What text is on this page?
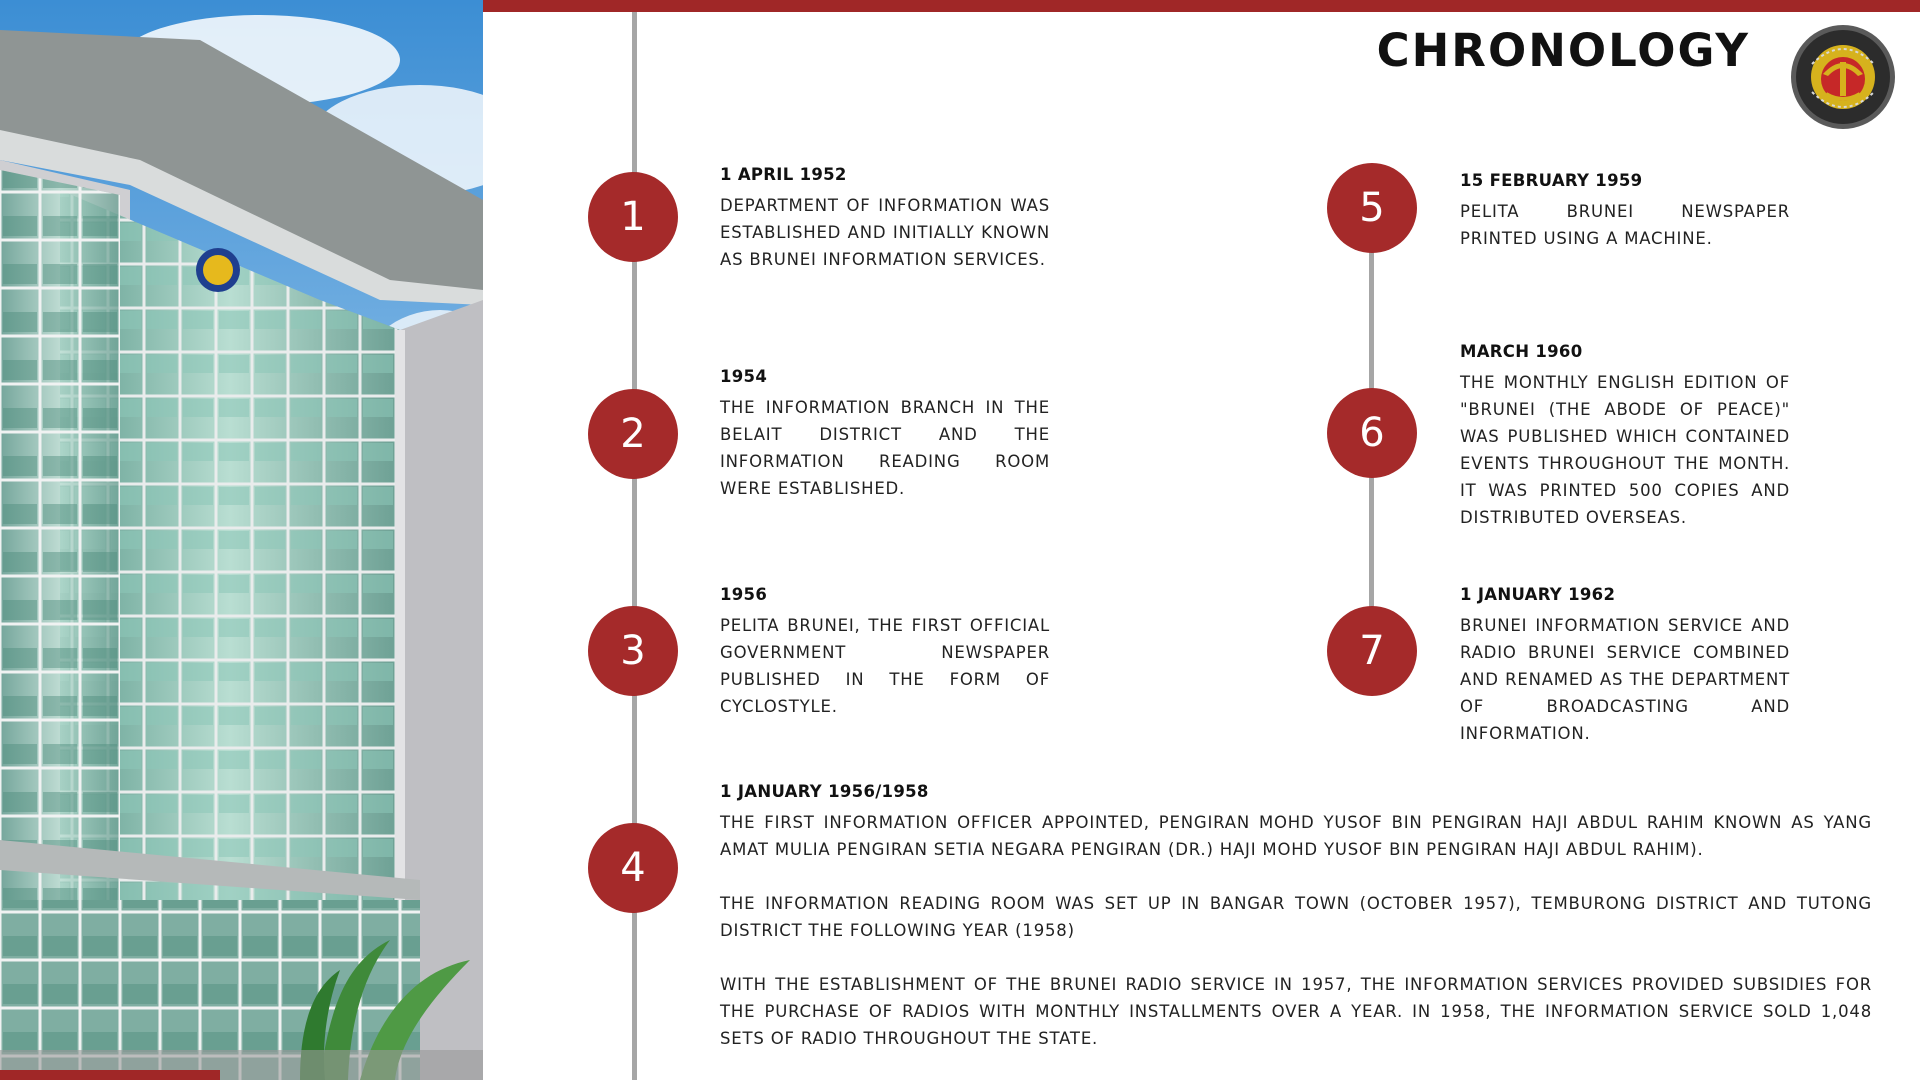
CHRONOLOGY
1
2
3
4
5
6
7
1 APRIL 1952

DEPARTMENT OF INFORMATION WAS ESTABLISHED AND INITIALLY KNOWN AS BRUNEI INFORMATION SERVICES.

1954

THE INFORMATION BRANCH IN THE BELAIT DISTRICT AND THE INFORMATION READING ROOM WERE ESTABLISHED.

1956

PELITA BRUNEI, THE FIRST OFFICIAL GOVERNMENT NEWSPAPER PUBLISHED IN THE FORM OF CYCLOSTYLE.

1 JANUARY 1956/1958

THE FIRST INFORMATION OFFICER APPOINTED, PENGIRAN MOHD YUSOF BIN PENGIRAN HAJI ABDUL RAHIM KNOWN AS YANG AMAT MULIA PENGIRAN SETIA NEGARA PENGIRAN (DR.) HAJI MOHD YUSOF BIN PENGIRAN HAJI ABDUL RAHIM).

THE INFORMATION READING ROOM WAS SET UP IN BANGAR TOWN (OCTOBER 1957), TEMBURONG DISTRICT AND TUTONG DISTRICT THE FOLLOWING YEAR (1958)

WITH THE ESTABLISHMENT OF THE BRUNEI RADIO SERVICE IN 1957, THE INFORMATION SERVICES PROVIDED SUBSIDIES FOR THE PURCHASE OF RADIOS WITH MONTHLY INSTALLMENTS OVER A YEAR. IN 1958, THE INFORMATION SERVICE SOLD 1,048 SETS OF RADIO THROUGHOUT THE STATE.

15 FEBRUARY 1959

PELITA BRUNEI NEWSPAPER PRINTED USING A MACHINE.

MARCH 1960

THE MONTHLY ENGLISH EDITION OF "BRUNEI (THE ABODE OF PEACE)" WAS PUBLISHED WHICH CONTAINED EVENTS THROUGHOUT THE MONTH. IT WAS PRINTED 500 COPIES AND DISTRIBUTED OVERSEAS.

1 JANUARY 1962

BRUNEI INFORMATION SERVICE AND RADIO BRUNEI SERVICE COMBINED AND RENAMED AS THE DEPARTMENT OF BROADCASTING AND INFORMATION.
